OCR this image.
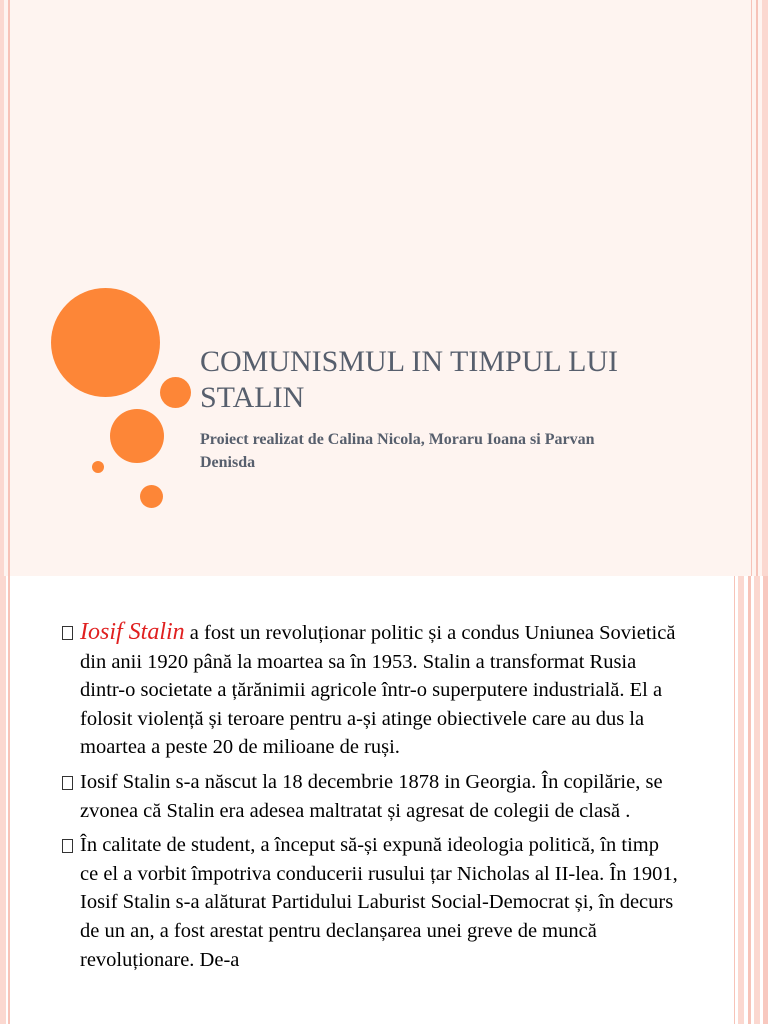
COMUNISMUL IN TIMPUL LUI STALIN

Proiect realizat de Calina Nicola, Moraru Ioana si Parvan Denisda

Iosif Stalin a fost un revoluționar politic și a condus Uniunea Sovietică din anii 1920 până la moartea sa în 1953. Stalin a transformat Rusia dintr-o societate a țărănimii agricole într-o superputere industrială. El a folosit violență și teroare pentru a-și atinge obiectivele care au dus la moartea a peste 20 de milioane de ruși.

Iosif Stalin s-a născut la 18 decembrie 1878 in Georgia. În copilărie, se zvonea că Stalin era adesea maltratat și agresat de colegii de clasă .

În calitate de student, a început să-și expună ideologia politică, în timp ce el a vorbit împotriva conducerii rusului țar Nicholas al II-lea. În 1901, Iosif Stalin s-a alăturat Partidului Laburist Social-Democrat și, în decurs de un an, a fost arestat pentru declanșarea unei greve de muncă revoluționare. De-a
